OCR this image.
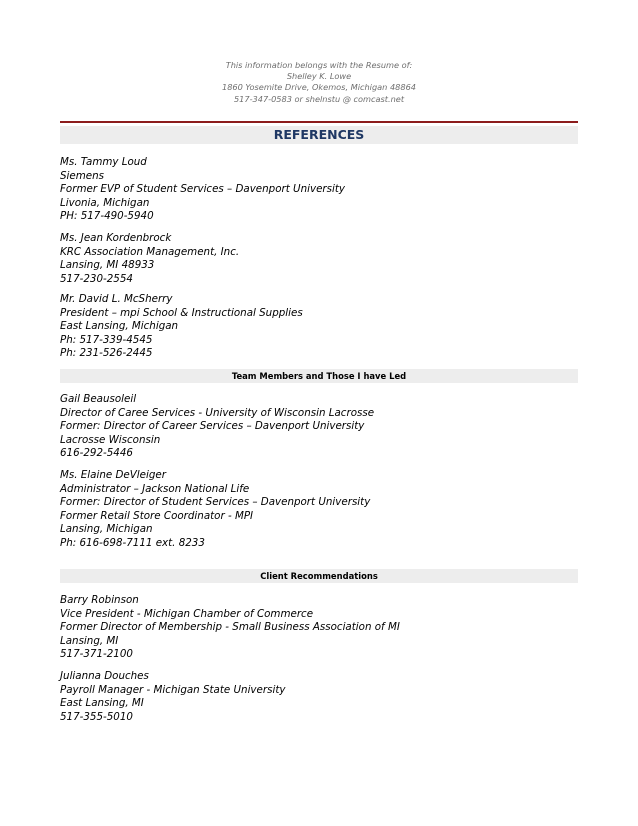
This information belongs with the Resume of:
Shelley K. Lowe
1860 Yosemite Drive, Okemos, Michigan 48864
517-347-0583 or shelnstu @ comcast.net
REFERENCES
Ms. Tammy Loud
Siemens
Former EVP of Student Services – Davenport University
Livonia, Michigan
PH: 517-490-5940
Ms. Jean Kordenbrock
KRC Association Management, Inc.
Lansing, MI 48933
517-230-2554
Mr. David L. McSherry
President – mpi School & Instructional Supplies
East Lansing, Michigan
Ph: 517-339-4545
Ph: 231-526-2445
Team Members and Those I have Led
Gail Beausoleil
Director of Caree Services - University of Wisconsin Lacrosse
Former: Director of Career Services – Davenport University
Lacrosse Wisconsin
616-292-5446
Ms. Elaine DeVleiger
Administrator – Jackson National Life
Former: Director of Student Services – Davenport University
Former Retail Store Coordinator - MPI
Lansing, Michigan
Ph: 616-698-7111 ext. 8233
Client Recommendations
Barry Robinson
Vice President - Michigan Chamber of Commerce
Former Director of Membership - Small Business Association of MI
Lansing, MI
517-371-2100
Julianna Douches
Payroll Manager - Michigan State University
East Lansing, MI
517-355-5010
